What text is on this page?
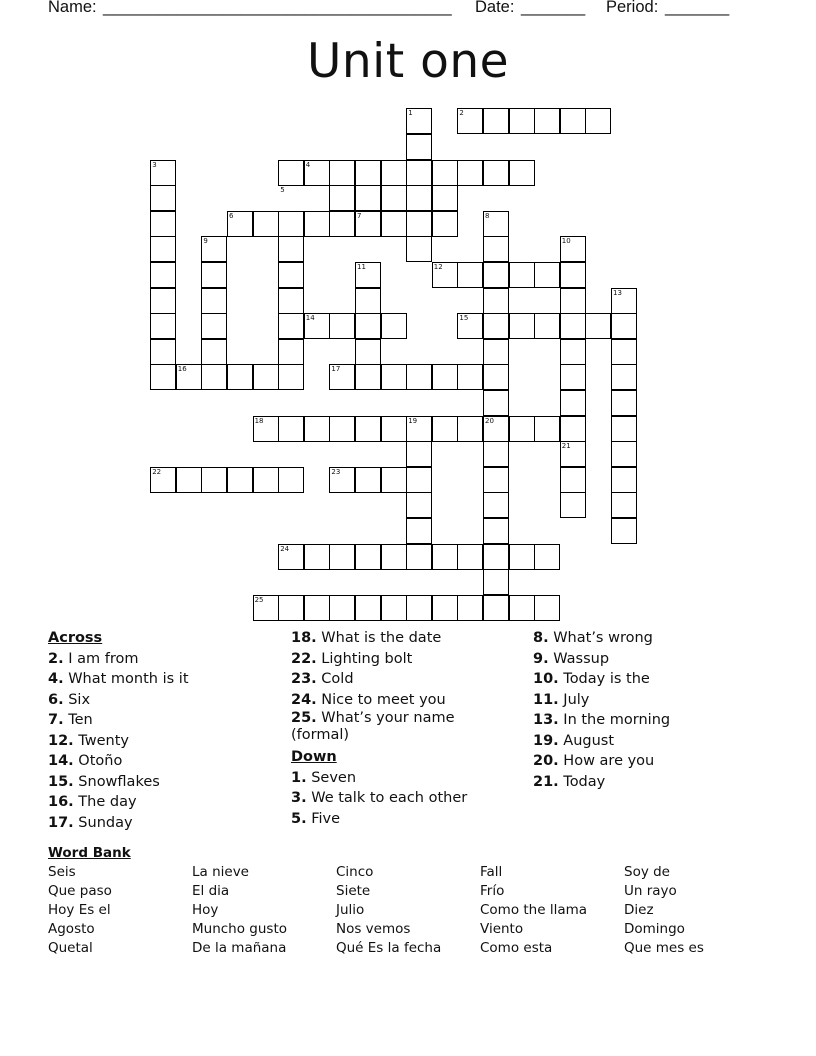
Name:

______________________________________

Date:

_______

Period:

_______

Unit one
1	2
3	4
5
6	7	8
9	10
11	12
13
14	15
16	17
18	19	20
21
22	23
24
25
Across
2. I am from
4. What month is it
6. Six
7. Ten
12. Twenty
14. Otoño
15. Snowflakes
16. The day
17. Sunday
18. What is the date
22. Lighting bolt
23. Cold
24. Nice to meet you
25. What’s your name (formal)
Down
1. Seven
3. We talk to each other
5. Five
8. What’s wrong
9. Wassup
10. Today is the
11. July
13. In the morning
19. August
20. How are you
21. Today
Word Bank
Seis
Que paso
Hoy Es el
Agosto
Quetal
La nieve
El dia
Hoy
Muncho gusto
De la mañana
Cinco
Siete
Julio
Nos vemos
Qué Es la fecha
Fall
Frío
Como the llama
Viento
Como esta
Soy de
Un rayo
Diez
Domingo
Que mes es
